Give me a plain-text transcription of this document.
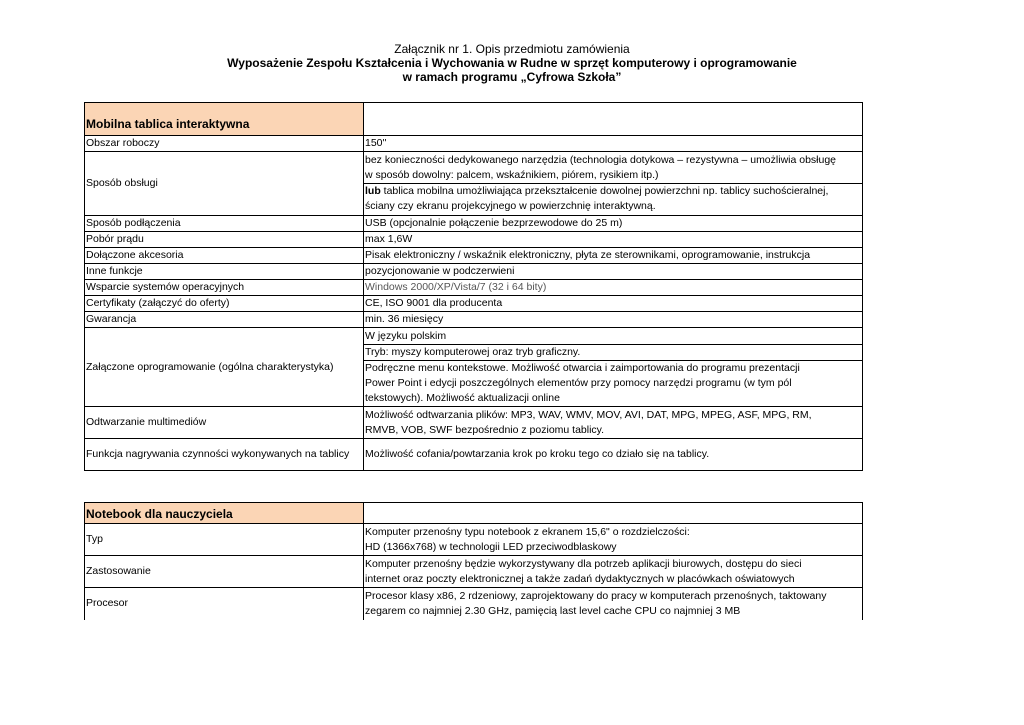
Załącznik nr 1. Opis przedmiotu zamówienia
Wyposażenie Zespołu Kształcenia i Wychowania w Rudne w sprzęt komputerowy i oprogramowanie
w ramach programu „Cyfrowa Szkoła”
Mobilna tablica interaktywna	
Obszar roboczy	150''
Sposób obsługi	bez konieczności dedykowanego narzędzia (technologia dotykowa – rezystywna – umożliwia obsługę
w sposób dowolny: palcem, wskaźnikiem, piórem, rysikiem itp.)
lub tablica mobilna umożliwiająca przekształcenie dowolnej powierzchni np. tablicy suchościeralnej,
ściany czy ekranu projekcyjnego w powierzchnię interaktywną.

Sposób podłączenia	USB (opcjonalnie połączenie bezprzewodowe do 25 m)
Pobór prądu	max 1,6W
Dołączone akcesoria	Pisak elektroniczny / wskaźnik elektroniczny, płyta ze sterownikami, oprogramowanie, instrukcja
Inne funkcje	pozycjonowanie w podczerwieni
Wsparcie systemów operacyjnych	Windows 2000/XP/Vista/7 (32 i 64 bity)
Certyfikaty (załączyć do oferty)	CE, ISO 9001 dla producenta
Gwarancja	min. 36 miesięcy
Załączone oprogramowanie (ogólna charakterystyka)	W języku polskim
Tryb: myszy komputerowej oraz tryb graficzny.
Podręczne menu kontekstowe. Możliwość otwarcia i zaimportowania do programu prezentacji
Power Point i edycji poszczególnych elementów przy pomocy narzędzi programu (w tym pól
tekstowych). Możliwość aktualizacji online

Odtwarzanie multimediów	Możliwość odtwarzania plików: MP3, WAV, WMV, MOV, AVI, DAT, MPG, MPEG, ASF, MPG, RM,
RMVB, VOB, SWF bezpośrednio z poziomu tablicy.

Funkcja nagrywania czynności wykonywanych na tablicy	Możliwość cofania/powtarzania krok po kroku tego co działo się na tablicy.
Notebook dla nauczyciela	
Typ	Komputer przenośny typu notebook z ekranem 15,6" o rozdzielczości:
HD (1366x768) w technologii LED przeciwodblaskowy

Zastosowanie	Komputer przenośny będzie wykorzystywany dla potrzeb aplikacji biurowych, dostępu do sieci
internet oraz poczty elektronicznej a także zadań dydaktycznych w placówkach oświatowych

Procesor	Procesor klasy x86, 2 rdzeniowy, zaprojektowany do pracy w komputerach przenośnych, taktowany
zegarem co najmniej 2.30 GHz, pamięcią last level cache CPU co najmniej 3 MB
